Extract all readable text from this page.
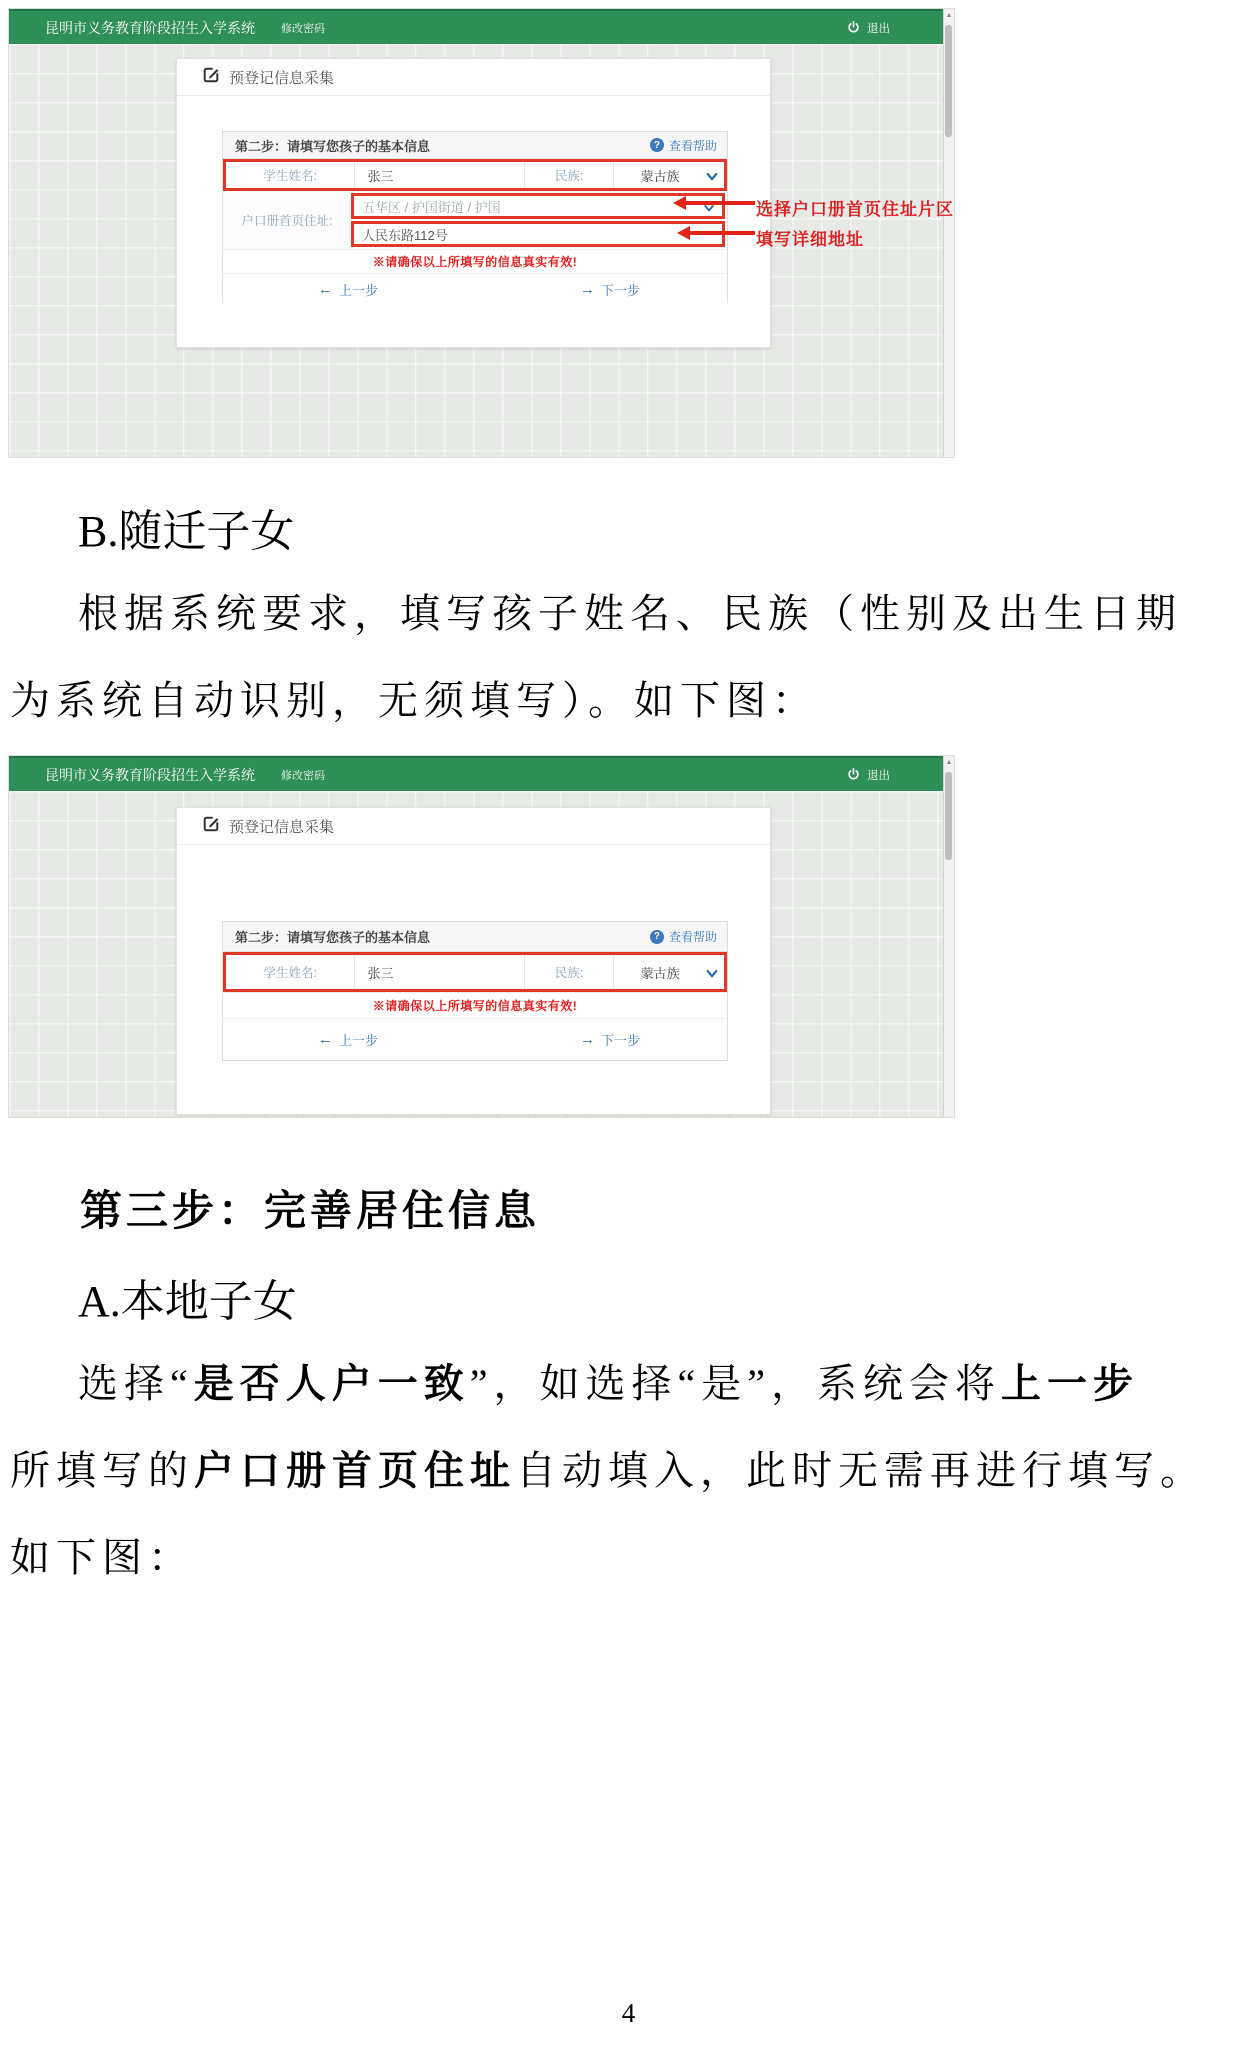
昆明市义务教育阶段招生入学系统 修改密码	退出
预登记信息采集
第二步：请填写您孩子的基本信息	? 查看帮助
学生姓名:	张三	民族:	蒙古族
户口册首页住址:
五华区 / 护国街道 / 护国
人民东路112号
※请确保以上所填写的信息真实有效!
← 上一步	→ 下一步
选择户口册首页住址片区
填写详细地址
▲
B.随迁子女
根据系统要求，填写孩子姓名、民族（性别及出生日期
为系统自动识别，无须填写）。如下图：
昆明市义务教育阶段招生入学系统 修改密码	退出
预登记信息采集
第二步：请填写您孩子的基本信息	? 查看帮助
学生姓名:	张三	民族:	蒙古族
※请确保以上所填写的信息真实有效!
← 上一步	→ 下一步
▲
第三步：完善居住信息
A.本地子女
选择“是否人户一致”，如选择“是”，系统会将上一步
所填写的户口册首页住址自动填入，此时无需再进行填写。
如下图：
4
